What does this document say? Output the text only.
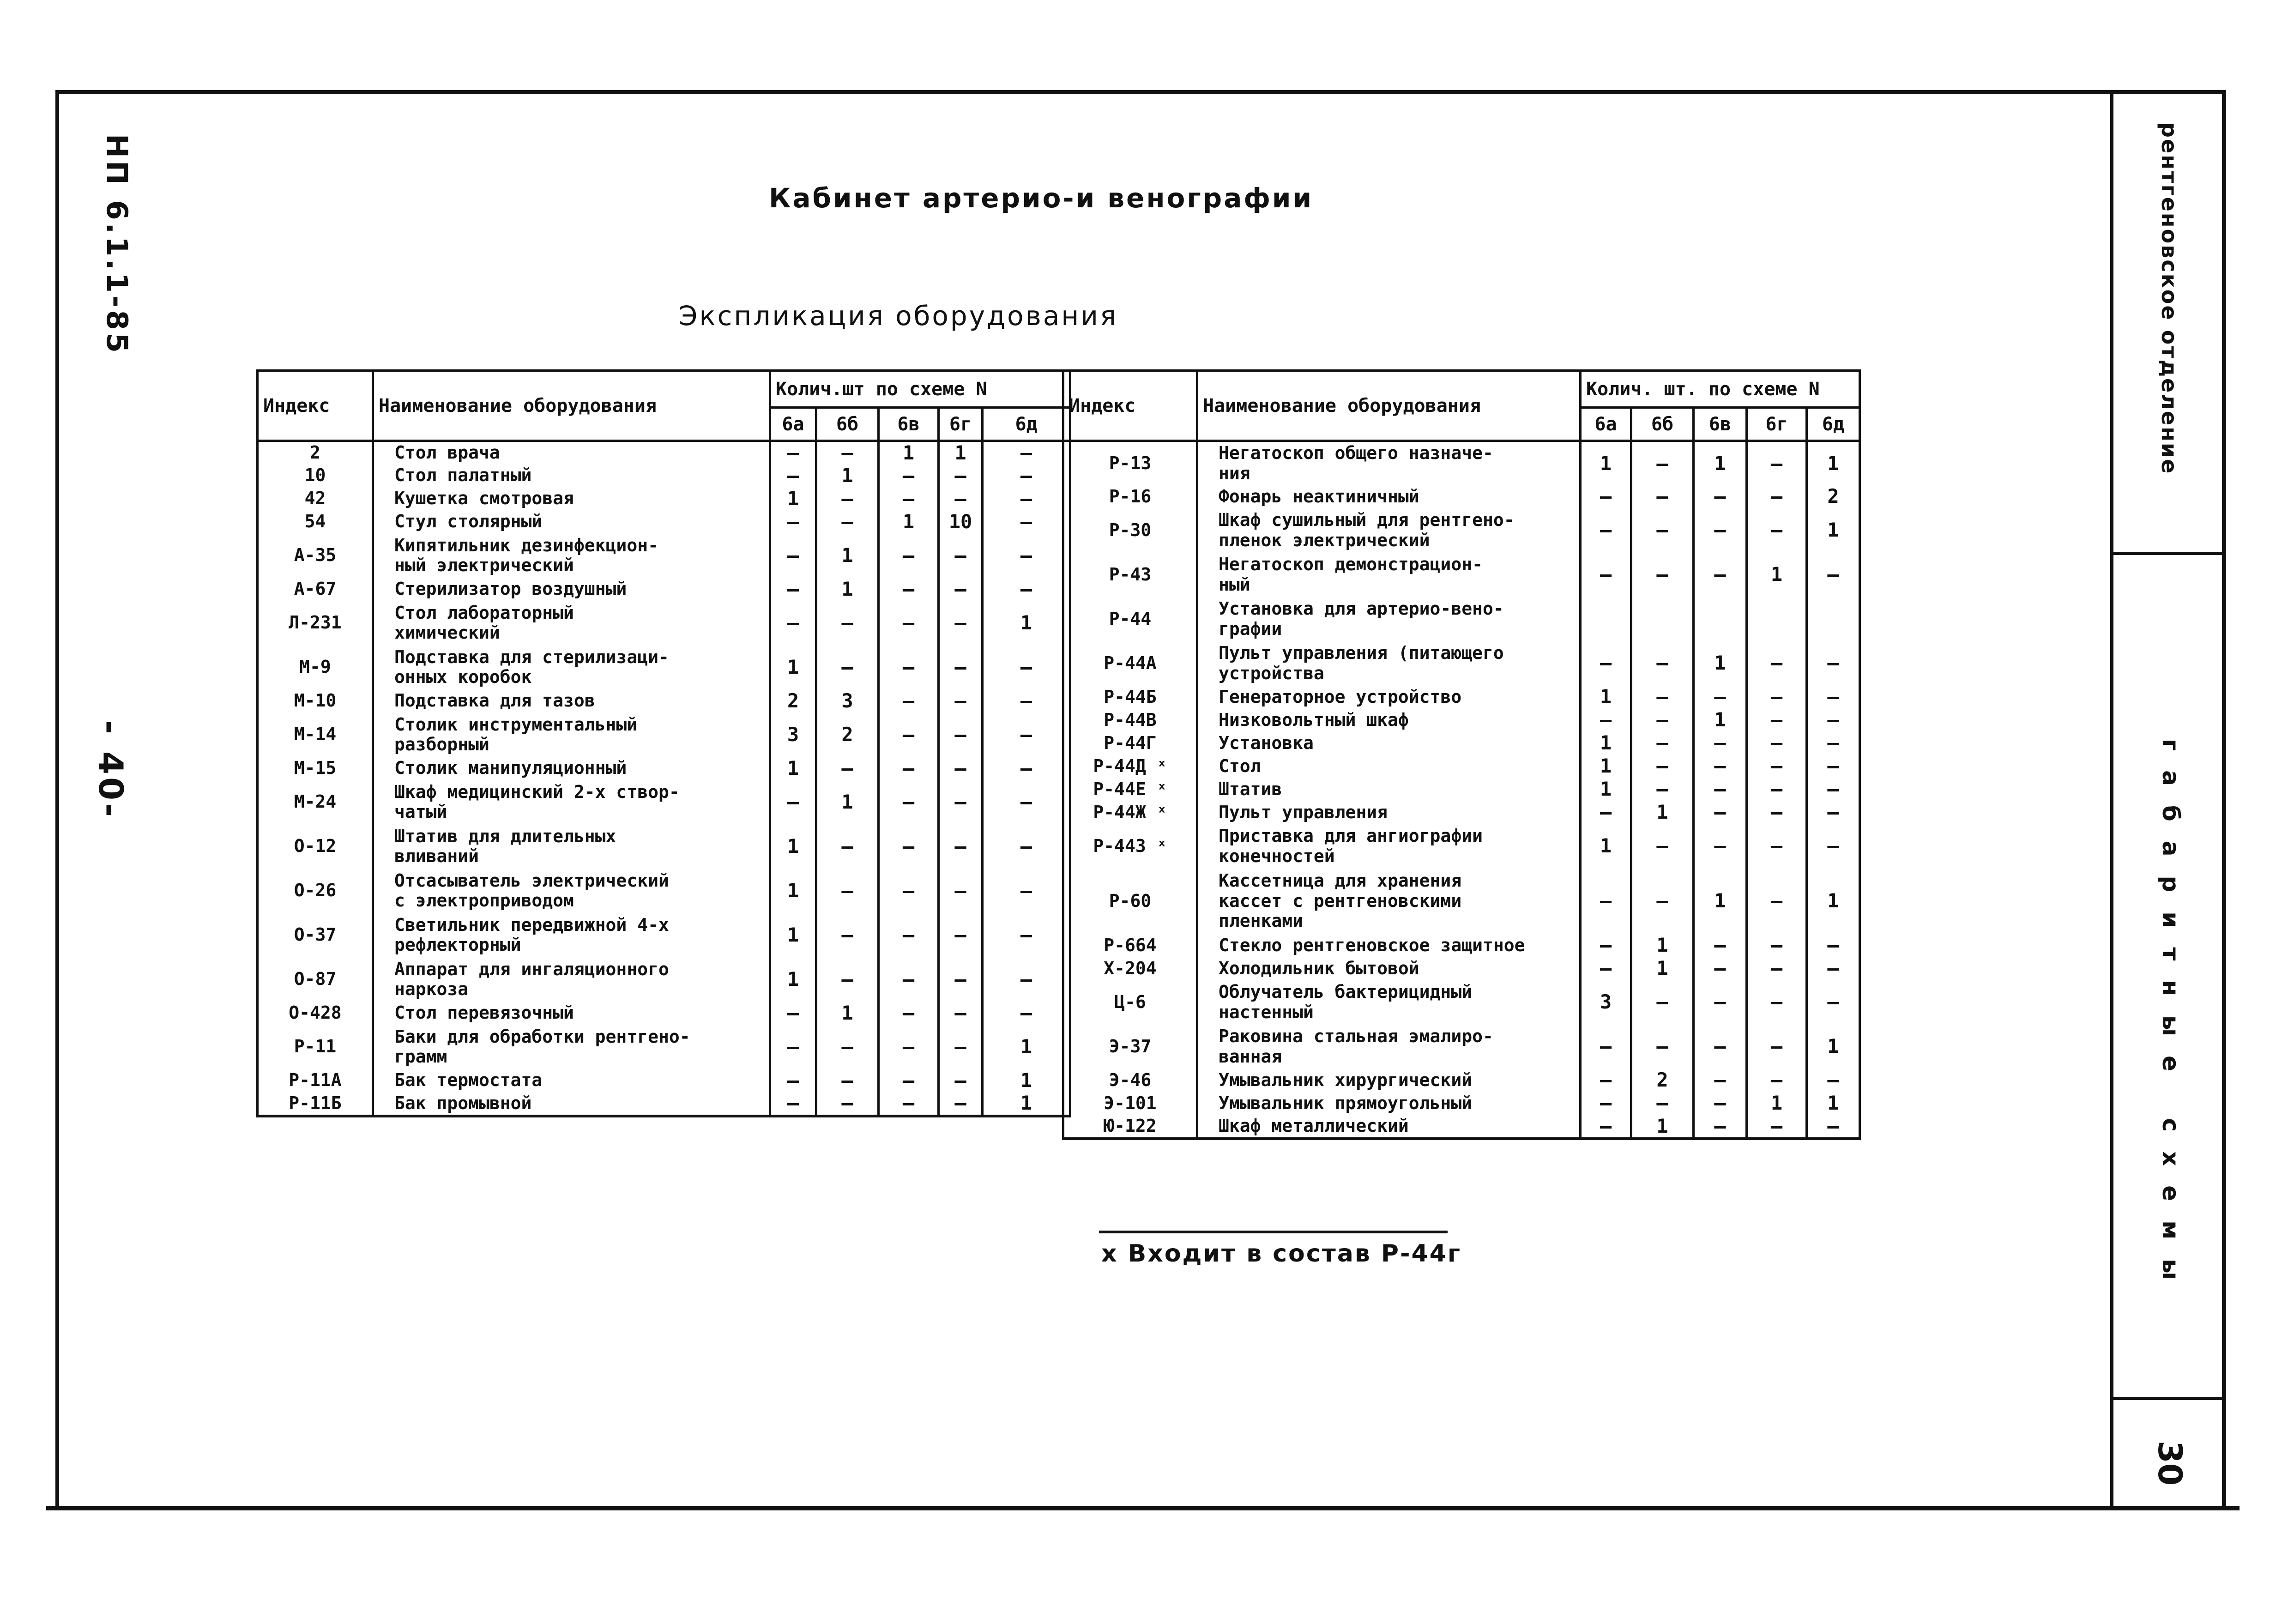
НП 6.1.1-85
- 40-
рентгеновское отделение
габаритные схемы
30
Кабинет артерио-и венографии
Экспликация оборудования
Индекс	Наименование оборудования	Колич.шт по схеме N				
		6а	6б	6в	6г	6д
2	Стол врача	–	–	1	1	–
10	Стол палатный	–	1	–	–	–
42	Кушетка смотровая	1	–	–	–	–
54	Стул столярный	–	–	1	10	–
А-35	Кипятильник дезинфекцион-
ный электрический	–	1	–	–	–
А-67	Стерилизатор воздушный	–	1	–	–	–
Л-231	Стол лабораторный
химический	–	–	–	–	1
М-9	Подставка для стерилизаци-
онных коробок	1	–	–	–	–
М-10	Подставка для тазов	2	3	–	–	–
М-14	Столик инструментальный
разборный	3	2	–	–	–
М-15	Столик манипуляционный	1	–	–	–	–
М-24	Шкаф медицинский 2-х створ-
чатый	–	1	–	–	–
О-12	Штатив для длительных
вливаний	1	–	–	–	–
О-26	Отсасыватель электрический
с электроприводом	1	–	–	–	–
О-37	Светильник передвижной 4-х
рефлекторный	1	–	–	–	–
О-87	Аппарат для ингаляционного
наркоза	1	–	–	–	–
О-428	Стол перевязочный	–	1	–	–	–
Р-11	Баки для обработки рентгено-
грамм	–	–	–	–	1
Р-11А	Бак термостата	–	–	–	–	1
Р-11Б	Бак промывной	–	–	–	–	1
Индекс	Наименование оборудования	Колич. шт. по схеме N				
		6а	6б	6в	6г	6д
Р-13	Негатоскоп общего назначе-
ния	1	–	1	–	1
Р-16	Фонарь неактиничный	–	–	–	–	2
Р-30	Шкаф сушильный для рентгено-
пленок электрический	–	–	–	–	1
Р-43	Негатоскоп демонстрацион-
ный	–	–	–	1	–
Р-44	Установка для артерио-вено-
графии					
Р-44А	Пульт управления (питающего
устройства	–	–	1	–	–
Р-44Б	Генераторное устройство	1	–	–	–	–
Р-44В	Низковольтный шкаф	–	–	1	–	–
Р-44Г	Установка	1	–	–	–	–
Р-44Д ˣ	Стол	1	–	–	–	–
Р-44Е ˣ	Штатив	1	–	–	–	–
Р-44Ж ˣ	Пульт управления	–	1	–	–	–
Р-44З ˣ	Приставка для ангиографии
конечностей	1	–	–	–	–
Р-60	Кассетница для хранения
кассет с рентгеновскими
пленками	–	–	1	–	1
Р-664	Стекло рентгеновское защитное	–	1	–	–	–
Х-204	Холодильник бытовой	–	1	–	–	–
Ц-6	Облучатель бактерицидный
настенный	3	–	–	–	–
Э-37	Раковина стальная эмалиро-
ванная	–	–	–	–	1
Э-46	Умывальник хирургический	–	2	–	–	–
Э-101	Умывальник прямоугольный	–	–	–	1	1
Ю-122	Шкаф металлический	–	1	–	–	–
х Входит в состав Р-44г
